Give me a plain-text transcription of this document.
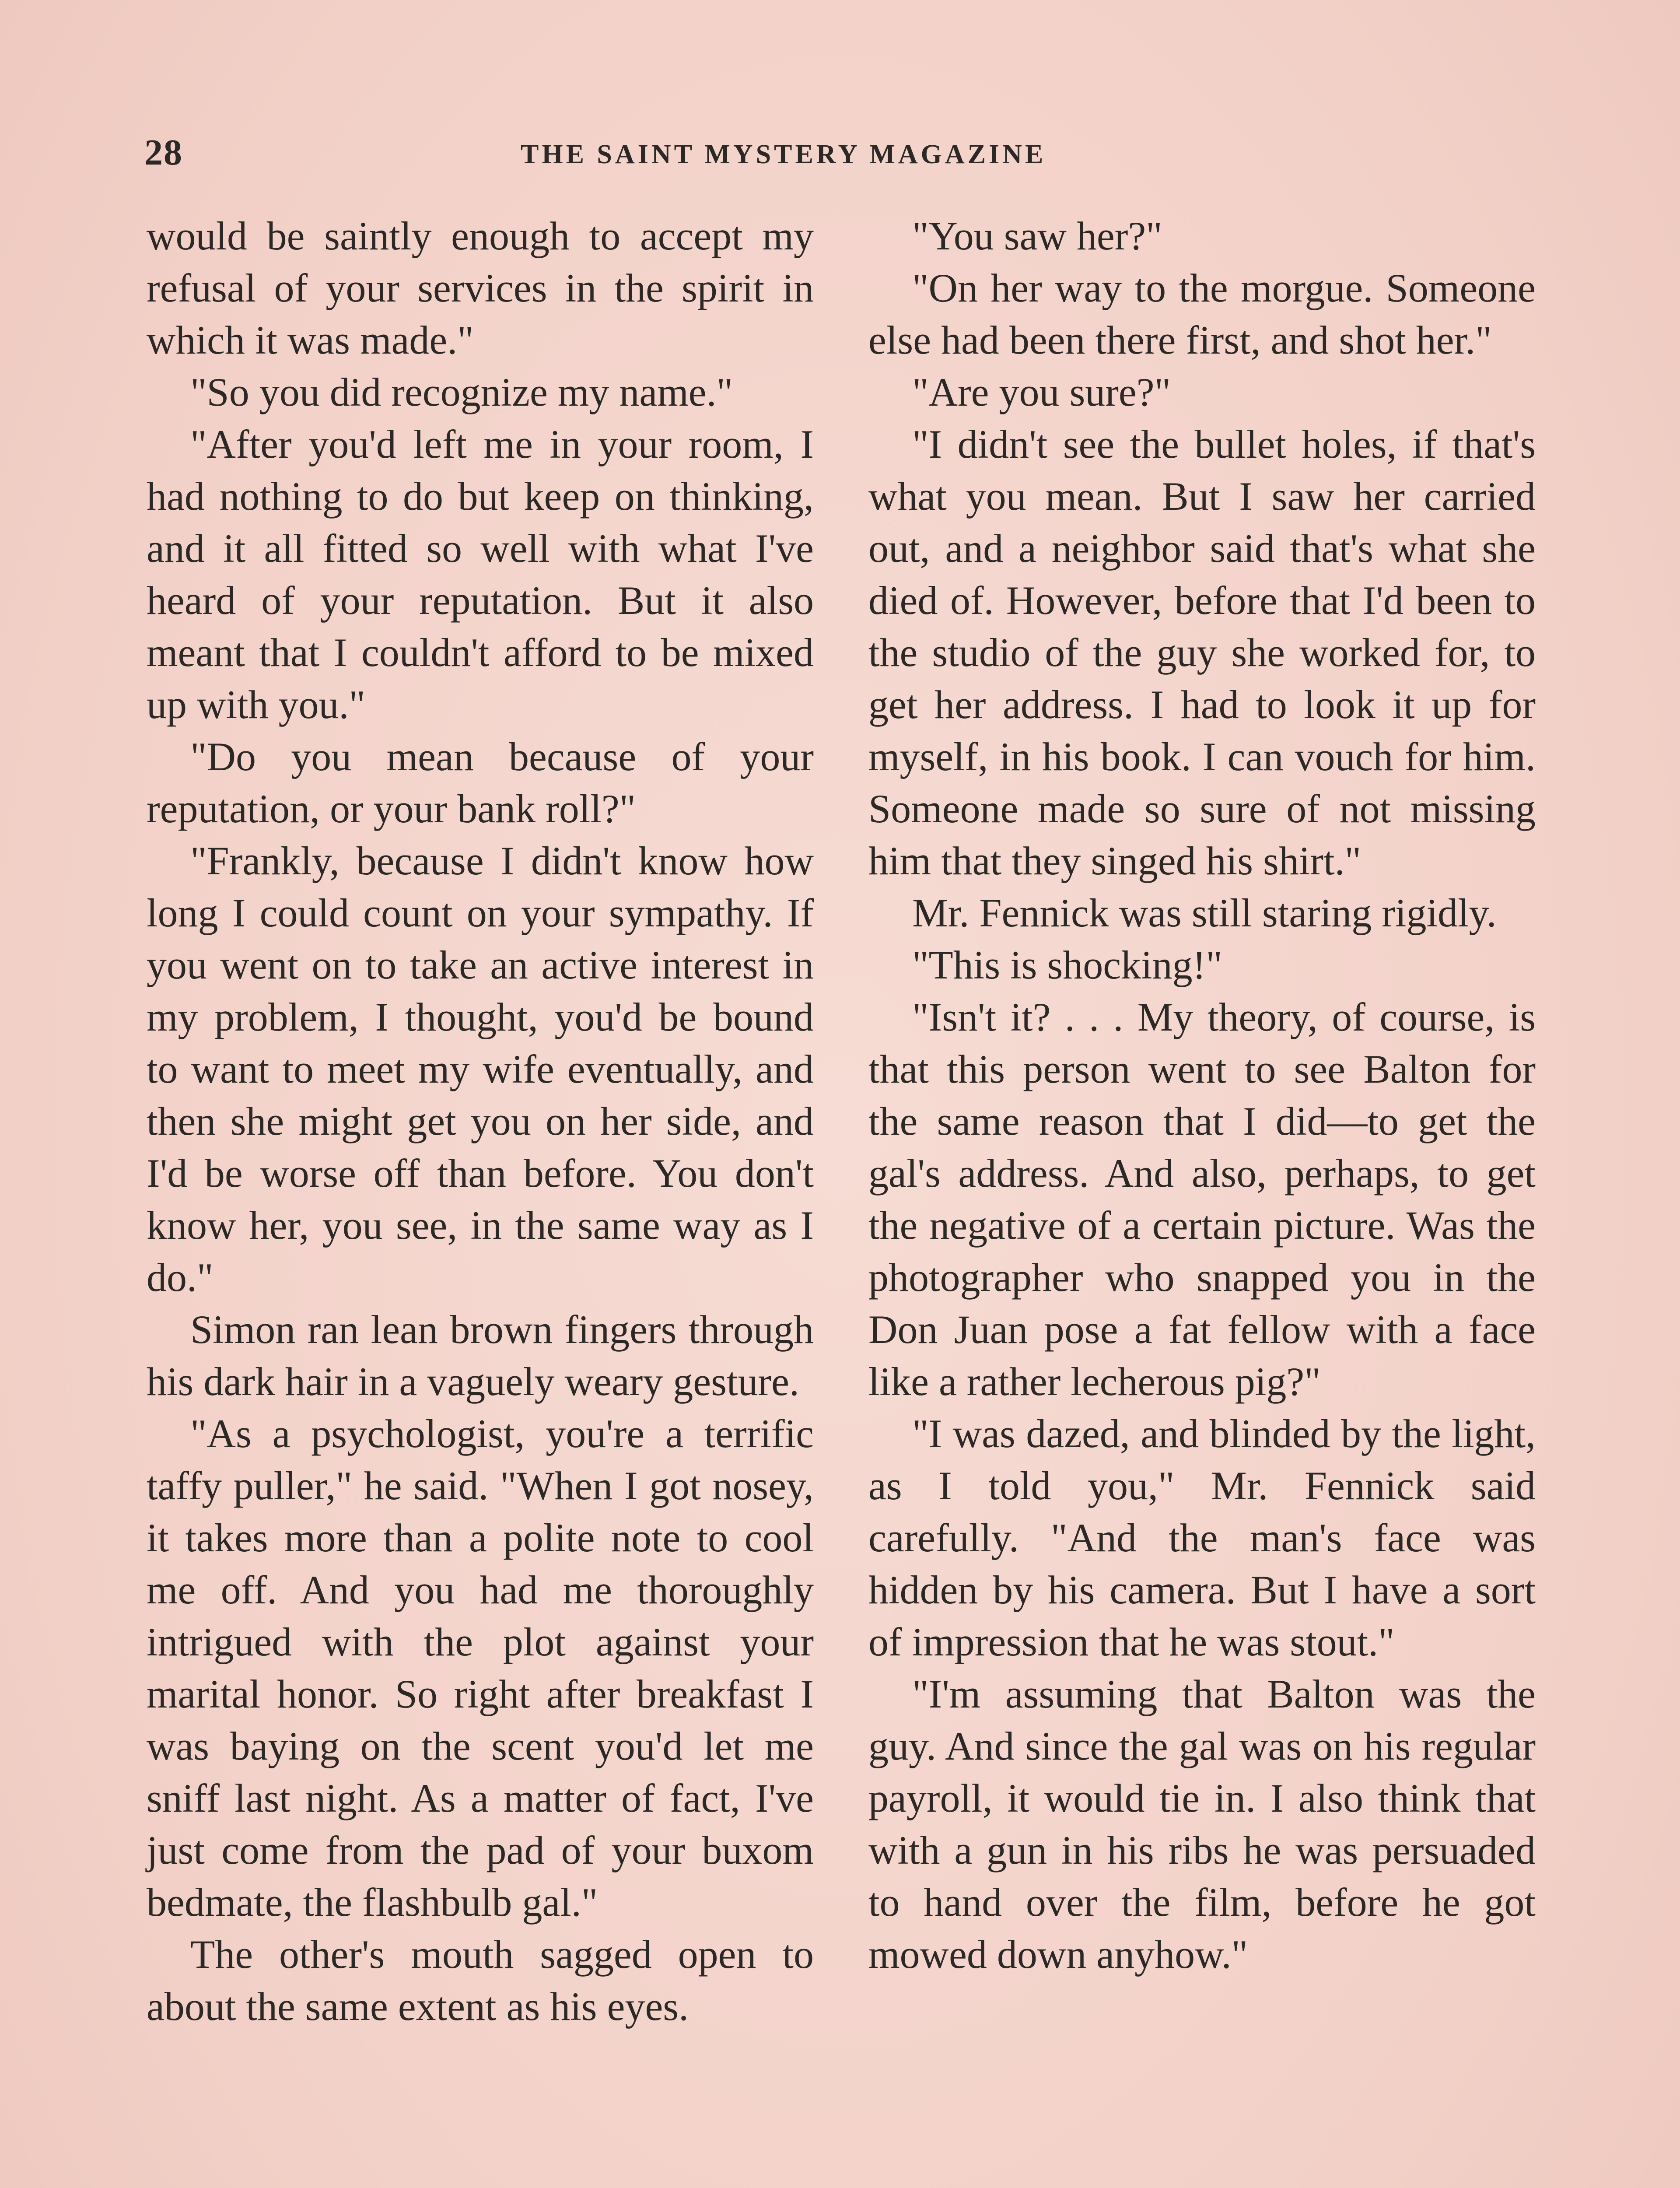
28	THE SAINT MYSTERY MAGAZINE

would be saintly enough to accept my refusal of your services in the spirit in which it was made."

"So you did recognize my name."

"After you'd left me in your room, I had nothing to do but keep on thinking, and it all fitted so well with what I've heard of your reputation. But it also meant that I couldn't afford to be mixed up with you."

"Do you mean because of your reputation, or your bank roll?"

"Frankly, because I didn't know how long I could count on your sympathy. If you went on to take an active interest in my problem, I thought, you'd be bound to want to meet my wife eventually, and then she might get you on her side, and I'd be worse off than before. You don't know her, you see, in the same way as I do."

Simon ran lean brown fingers through his dark hair in a vaguely weary gesture.

"As a psychologist, you're a terrific taffy puller," he said. "When I got nosey, it takes more than a polite note to cool me off. And you had me thoroughly intrigued with the plot against your marital honor. So right after breakfast I was baying on the scent you'd let me sniff last night. As a matter of fact, I've just come from the pad of your buxom bedmate, the flashbulb gal."

The other's mouth sagged open to about the same extent as his eyes.

"You saw her?"

"On her way to the morgue. Someone else had been there first, and shot her."

"Are you sure?"

"I didn't see the bullet holes, if that's what you mean. But I saw her carried out, and a neighbor said that's what she died of. However, before that I'd been to the studio of the guy she worked for, to get her address. I had to look it up for myself, in his book. I can vouch for him. Someone made so sure of not missing him that they singed his shirt."

Mr. Fennick was still staring rigidly.

"This is shocking!"

"Isn't it? . . . My theory, of course, is that this person went to see Balton for the same reason that I did—to get the gal's address. And also, perhaps, to get the negative of a certain picture. Was the photographer who snapped you in the Don Juan pose a fat fellow with a face like a rather lecherous pig?"

"I was dazed, and blinded by the light, as I told you," Mr. Fennick said carefully. "And the man's face was hidden by his camera. But I have a sort of impression that he was stout."

"I'm assuming that Balton was the guy. And since the gal was on his regular payroll, it would tie in. I also think that with a gun in his ribs he was persuaded to hand over the film, before he got mowed down anyhow."
